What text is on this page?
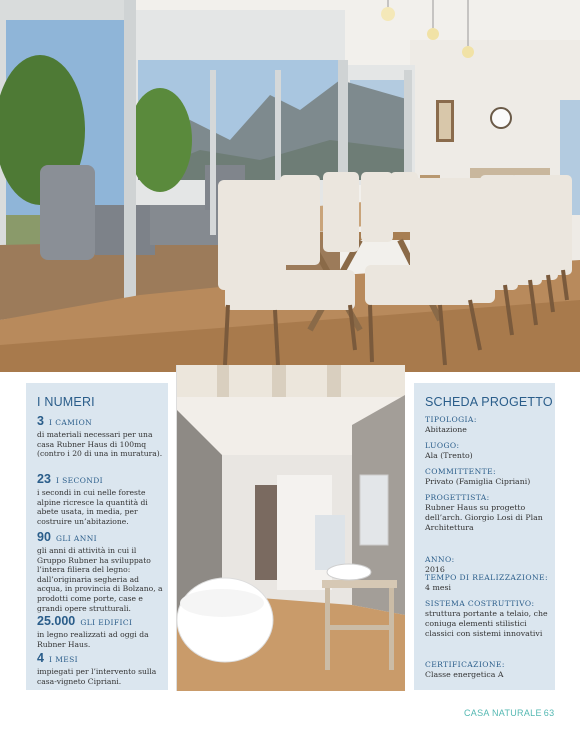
I NUMERI
3 I CAMION
di materiali necessari per una casa Rubner Haus di 100mq (contro i 20 di una in muratura).
23 I SECONDI
i secondi in cui nelle foreste alpine ricresce la quantità di abete usata, in media, per costruire un’abitazione.
90 GLI ANNI
gli anni di attività in cui il Gruppo Rubner ha sviluppato l’intera filiera del legno: dall’originaria segheria ad acqua, in provincia di Bolzano, a prodotti come porte, case e grandi opere strutturali.
25.000 GLI EDIFICI
in legno realizzati ad oggi da Rubner Haus.
4 I MESI
impiegati per l’intervento sulla casa-vigneto Cipriani.
SCHEDA PROGETTO
TIPOLOGIA:
Abitazione
LUOGO:
Ala (Trento)
COMMITTENTE:
Privato (Famiglia Cipriani)
PROGETTISTA:
Rubner Haus su progetto dell’arch. Giorgio Losi di Plan Architettura
ANNO:
2016
TEMPO DI REALIZZAZIONE:
4 mesi
SISTEMA COSTRUTTIVO:
struttura portante a telaio, che coniuga elementi stilistici classici con sistemi innovativi
CERTIFICAZIONE:
Classe energetica A
CASA NATURALE 63
